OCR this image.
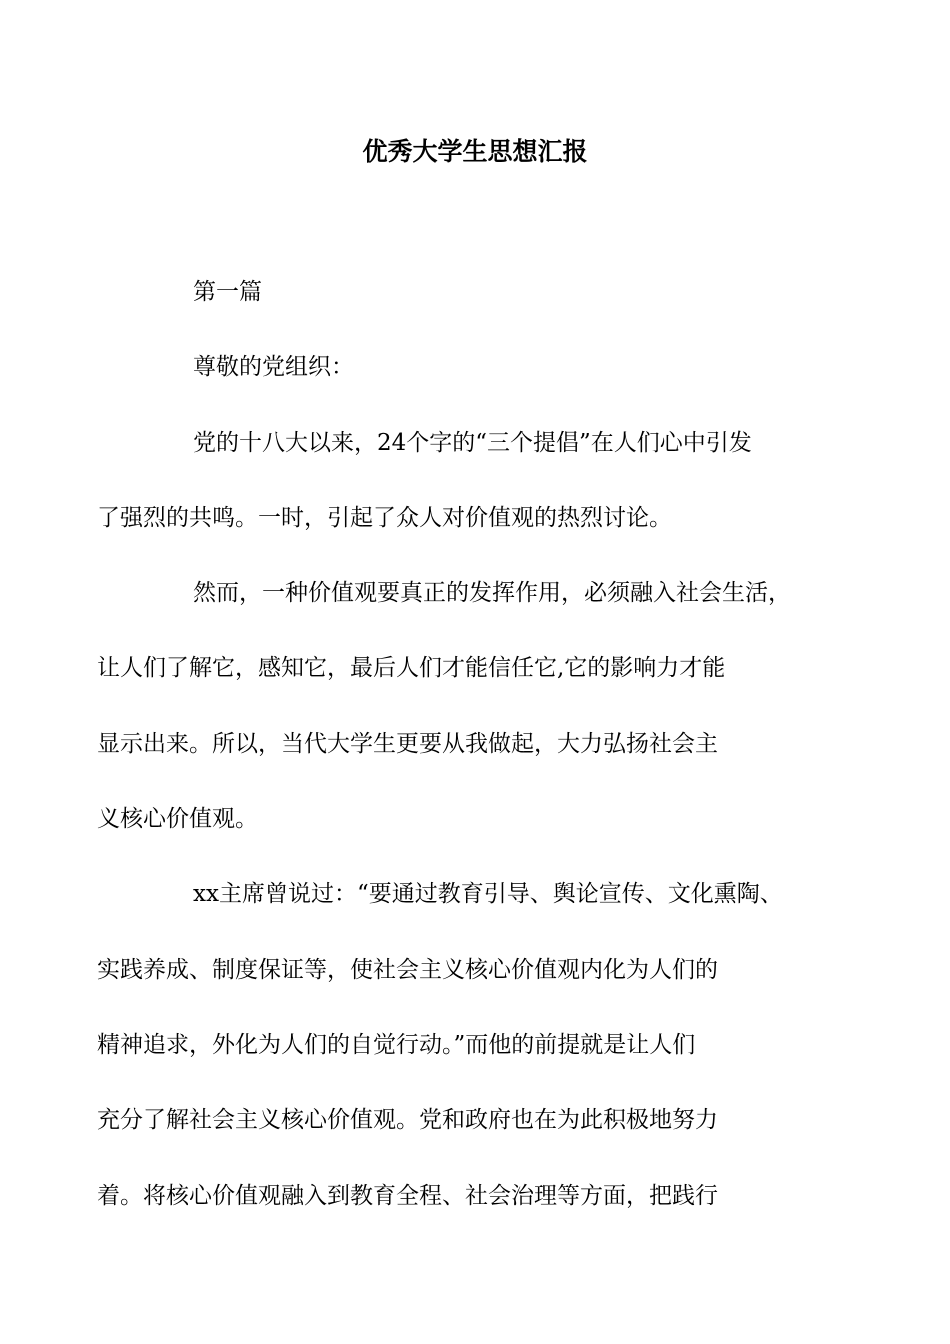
优秀大学生思想汇报

第一篇

尊敬的党组织：

党的十八大以来，24个字的“三个提倡”在人们心中引发
了强烈的共鸣。一时，引起了众人对价值观的热烈讨论。

然而，一种价值观要真正的发挥作用，必须融入社会生活，
让人们了解它，感知它，最后人们才能信任它,它的影响力才能
显示出来。所以，当代大学生更要从我做起，大力弘扬社会主
义核心价值观。

xx主席曾说过：“要通过教育引导、舆论宣传、文化熏陶、
实践养成、制度保证等，使社会主义核心价值观内化为人们的
精神追求，外化为人们的自觉行动。”而他的前提就是让人们
充分了解社会主义核心价值观。党和政府也在为此积极地努力
着。将核心价值观融入到教育全程、社会治理等方面，把践行
